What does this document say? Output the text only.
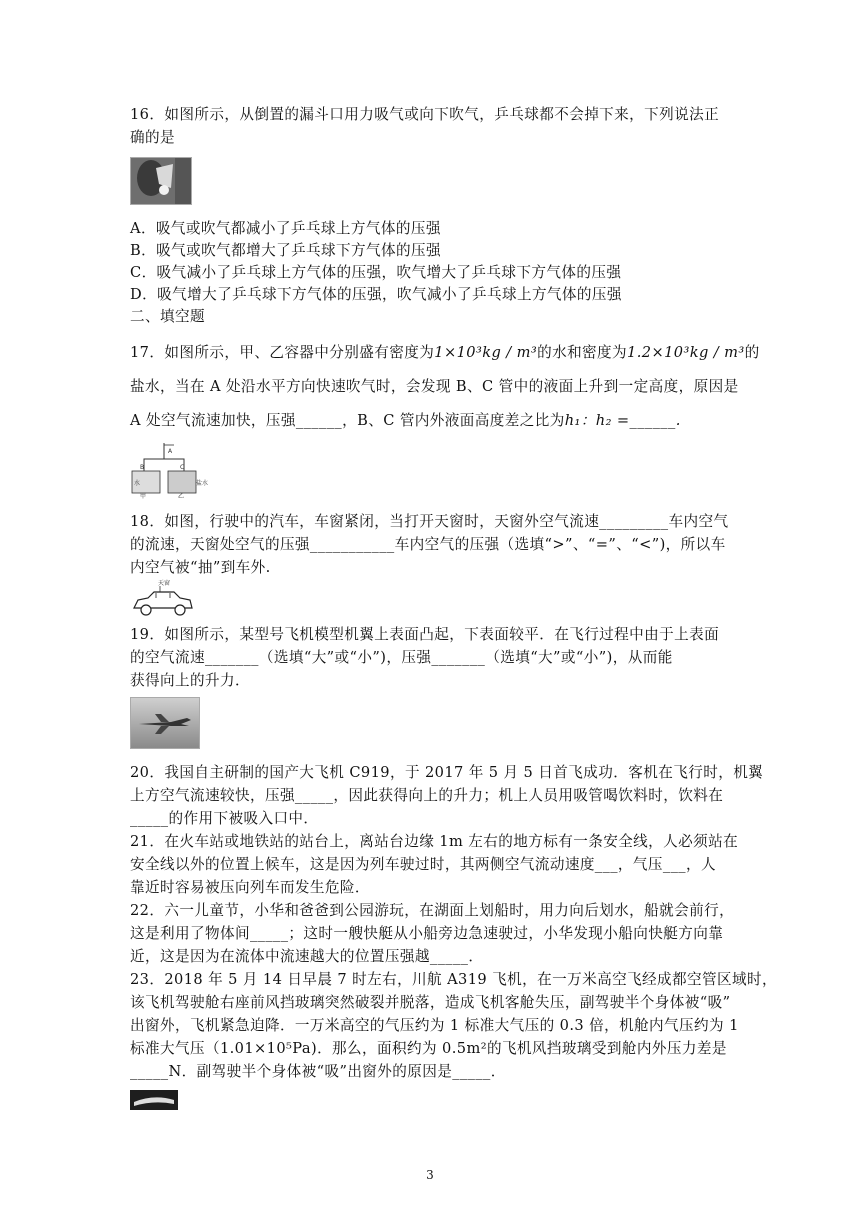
16．如图所示，从倒置的漏斗口用力吸气或向下吹气，乒乓球都不会掉下来，下列说法正
确的是
A．吸气或吹气都减小了乒乓球上方气体的压强
B．吸气或吹气都增大了乒乓球下方气体的压强
C．吸气减小了乒乓球上方气体的压强，吹气增大了乒乓球下方气体的压强
D．吸气增大了乒乓球下方气体的压强，吹气减小了乒乓球上方气体的压强
二、填空题
17．如图所示，甲、乙容器中分别盛有密度为1×10³kg / m³的水和密度为1.2×10³kg / m³的
盐水，当在 A 处沿水平方向快速吹气时，会发现 B、C 管中的液面上升到一定高度，原因是
A 处空气流速加快，压强______，B、C 管内外液面高度差之比为h₁：h₂ =______.
A
B	C
水	盐水
甲	乙
18．如图，行驶中的汽车，车窗紧闭，当打开天窗时，天窗外空气流速_________车内空气
的流速，天窗处空气的压强___________车内空气的压强（选填“>”、“=”、“<”)，所以车
内空气被“抽”到车外.
天窗
19．如图所示，某型号飞机模型机翼上表面凸起，下表面较平．在飞行过程中由于上表面
的空气流速_______（选填“大”或“小”)，压强_______（选填“大”或“小”)，从而能
获得向上的升力．
20．我国自主研制的国产大飞机 C919，于 2017 年 5 月 5 日首飞成功．客机在飞行时，机翼
上方空气流速较快，压强_____，因此获得向上的升力；机上人员用吸管喝饮料时，饮料在
_____的作用下被吸入口中．
21．在火车站或地铁站的站台上，离站台边缘 1m 左右的地方标有一条安全线，人必须站在
安全线以外的位置上候车，这是因为列车驶过时，其两侧空气流动速度___，气压___，人
靠近时容易被压向列车而发生危险．
22．六一儿童节，小华和爸爸到公园游玩，在湖面上划船时，用力向后划水，船就会前行，
这是利用了物体间_____；这时一艘快艇从小船旁边急速驶过，小华发现小船向快艇方向靠
近，这是因为在流体中流速越大的位置压强越_____．
23．2018 年 5 月 14 日早晨 7 时左右，川航 A319 飞机，在一万米高空飞经成都空管区域时，
该飞机驾驶舱右座前风挡玻璃突然破裂并脱落，造成飞机客舱失压，副驾驶半个身体被“吸”
出窗外，飞机紧急迫降．一万米高空的气压约为 1 标准大气压的 0.3 倍，机舱内气压约为 1
标准大气压（1.01×10⁵Pa)．那么，面积约为 0.5m²的飞机风挡玻璃受到舱内外压力差是
_____N．副驾驶半个身体被“吸”出窗外的原因是_____．
3
